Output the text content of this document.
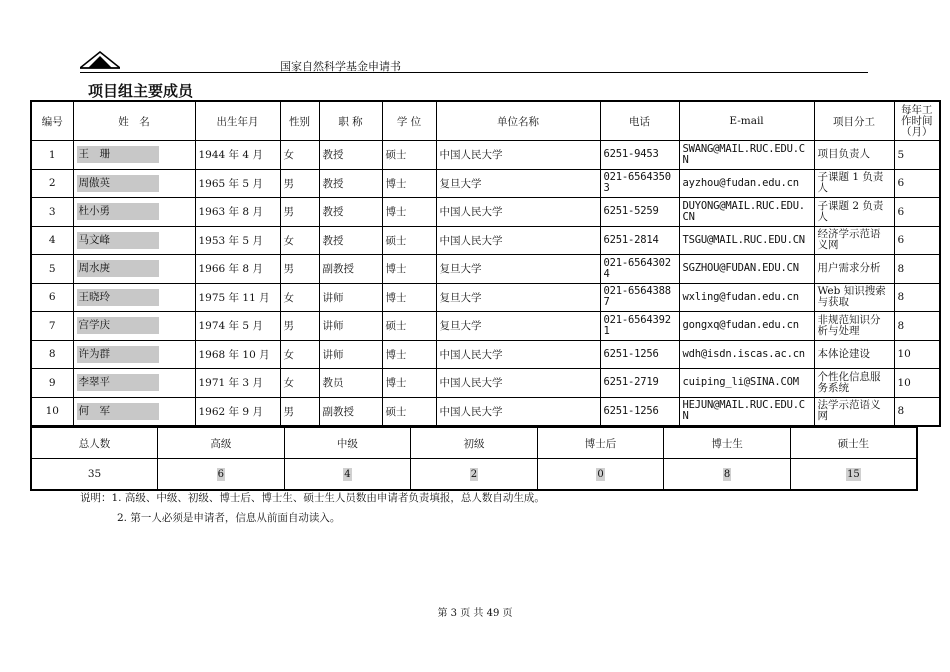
国家自然科学基金申请书
项目组主要成员
编号	姓　名	出生年月	性别	职 称	学 位	单位名称	电话	E-mail	项目分工	每年工作时间（月）
1	王　珊	1944 年 4 月	女	教授	硕士	中国人民大学	6251-9453	SWANG@MAIL.RUC.EDU.CN	项目负责人	5
2	周傲英	1965 年 5 月	男	教授	博士	复旦大学	021-65643503	ayzhou@fudan.edu.cn	子课题 1 负责人	6
3	杜小勇	1963 年 8 月	男	教授	博士	中国人民大学	6251-5259	DUYONG@MAIL.RUC.EDU.CN	子课题 2 负责人	6
4	马文峰	1953 年 5 月	女	教授	硕士	中国人民大学	6251-2814	TSGU@MAIL.RUC.EDU.CN	经济学示范语义网	6
5	周水庚	1966 年 8 月	男	副教授	博士	复旦大学	021-65643024	SGZHOU@FUDAN.EDU.CN	用户需求分析	8
6	王晓玲	1975 年 11 月	女	讲师	博士	复旦大学	021-65643887	wxling@fudan.edu.cn	Web 知识搜索与获取	8
7	宫学庆	1974 年 5 月	男	讲师	硕士	复旦大学	021-65643921	gongxq@fudan.edu.cn	非规范知识分析与处理	8
8	许为群	1968 年 10 月	女	讲师	博士	中国人民大学	6251-1256	wdh@isdn.iscas.ac.cn	本体论建设	10
9	李翠平	1971 年 3 月	女	教员	博士	中国人民大学	6251-2719	cuiping_li@SINA.COM	个性化信息服务系统	10
10	何　军	1962 年 9 月	男	副教授	硕士	中国人民大学	6251-1256	HEJUN@MAIL.RUC.EDU.CN	法学示范语义网	8
总人数	高级	中级	初级	博士后	博士生	硕士生
35	6	4	2	0	8	15
说明：1. 高级、中级、初级、博士后、博士生、硕士生人员数由申请者负责填报，总人数自动生成。
2. 第一人必须是申请者，信息从前面自动读入。
第 3 页 共 49 页
